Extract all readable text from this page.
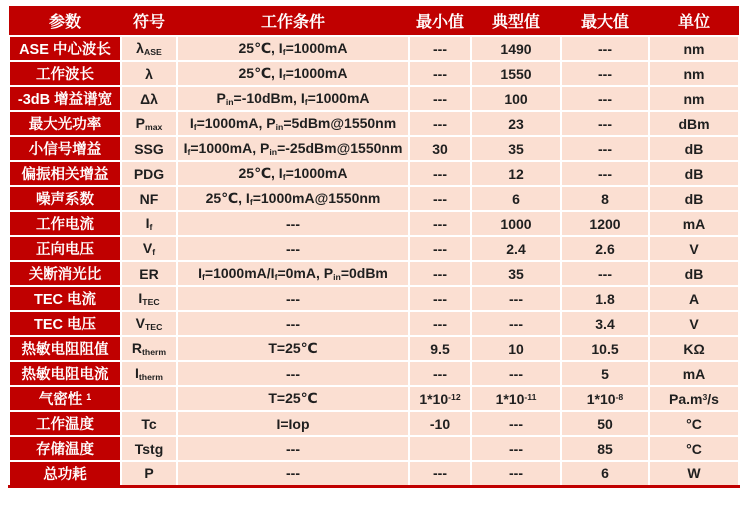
参数	符号	工作条件	最小值	典型值	最大值	单位
ASE 中心波长	$\lambda_{ASE}$	25℃, $I_f=1000mA$	---	1490	---	nm
工作波长	λ	25℃, $I_f=1000mA$	---	1550	---	nm
-3dB 增益谱宽	Δλ	$P_{in}=-10dBm$, $I_f=1000mA$	---	100	---	nm
最大光功率	$P_{max}$	$I_f=1000mA$, $P_{in}=5dBm@1550nm$	---	23	---	dBm
小信号增益	SSG	$I_f=1000mA$, $P_{in}=-25dBm@1550nm$	30	35	---	dB
偏振相关增益	PDG	25℃, $I_f=1000mA$	---	12	---	dB
噪声系数	NF	25℃, $I_f=1000mA@1550nm$	---	6	8	dB
工作电流	$I_f$	---	---	1000	1200	mA
正向电压	$V_f$	---	---	2.4	2.6	V
关断消光比	ER	$I_f=1000mA/I_f=0mA$, $P_{in}=0dBm$	---	35	---	dB
TEC 电流	$I_{TEC}$	---	---	---	1.8	A
TEC 电压	$V_{TEC}$	---	---	---	3.4	V
热敏电阻阻值	$R_{therm}$	T=25℃	9.5	10	10.5	KΩ
热敏电阻电流	$I_{therm}$	---	---	---	5	mA
气密性 $^1$		T=25℃	$1*10^{-12}$	$1*10^{-11}$	$1*10^{-8}$	$Pa.m^3/s$
工作温度	Tc	I=Iop	-10	---	50	°C
存储温度	Tstg	---		---	85	°C
总功耗	P	---	---	---	6	W
